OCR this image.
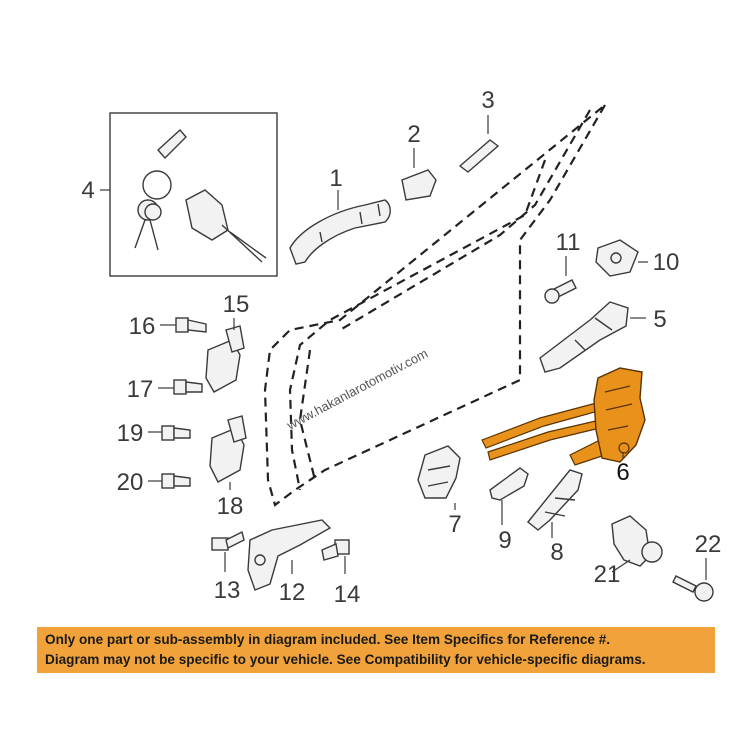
www.hakanlarotomotiv.com
1
2
3
4
5
6
7
8
9
10
11
12
13	14
15
16
17
18
19
20
21
22
Only one part or sub-assembly in diagram included. See Item Specifics for Reference #.
Diagram may not be specific to your vehicle. See Compatibility for vehicle-specific diagrams.
